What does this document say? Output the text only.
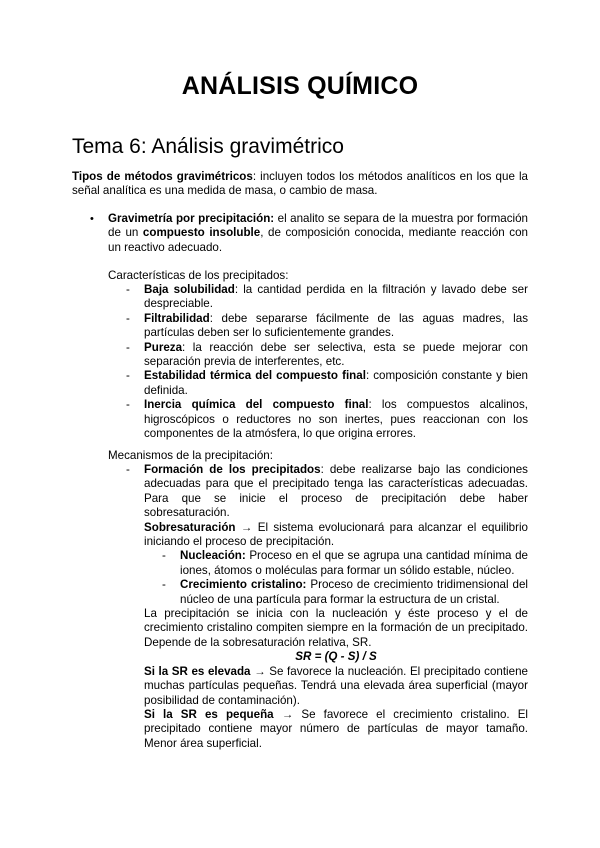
ANÁLISIS QUÍMICO
Tema 6: Análisis gravimétrico
Tipos de métodos gravimétricos: incluyen todos los métodos analíticos en los que la señal analítica es una medida de masa, o cambio de masa.
• Gravimetría por precipitación: el analito se separa de la muestra por formación de un compuesto insoluble, de composición conocida, mediante reacción con un reactivo adecuado.
Características de los precipitados:
- Baja solubilidad: la cantidad perdida en la filtración y lavado debe ser despreciable.
- Filtrabilidad: debe separarse fácilmente de las aguas madres, las partículas deben ser lo suficientemente grandes.
- Pureza: la reacción debe ser selectiva, esta se puede mejorar con separación previa de interferentes, etc.
- Estabilidad térmica del compuesto final: composición constante y bien definida.
- Inercia química del compuesto final: los compuestos alcalinos, higroscópicos o reductores no son inertes, pues reaccionan con los componentes de la atmósfera, lo que origina errores.
Mecanismos de la precipitación:
- Formación de los precipitados: debe realizarse bajo las condiciones adecuadas para que el precipitado tenga las características adecuadas. Para que se inicie el proceso de precipitación debe haber sobresaturación.
Sobresaturación → El sistema evolucionará para alcanzar el equilibrio iniciando el proceso de precipitación.
- Nucleación: Proceso en el que se agrupa una cantidad mínima de iones, átomos o moléculas para formar un sólido estable, núcleo.
- Crecimiento cristalino: Proceso de crecimiento tridimensional del núcleo de una partícula para formar la estructura de un cristal.
La precipitación se inicia con la nucleación y éste proceso y el de crecimiento cristalino compiten siempre en la formación de un precipitado. Depende de la sobresaturación relativa, SR.
SR = (Q - S) / S
Si la SR es elevada → Se favorece la nucleación. El precipitado contiene muchas partículas pequeñas. Tendrá una elevada área superficial (mayor posibilidad de contaminación).
Si la SR es pequeña → Se favorece el crecimiento cristalino. El precipitado contiene mayor número de partículas de mayor tamaño. Menor área superficial.
